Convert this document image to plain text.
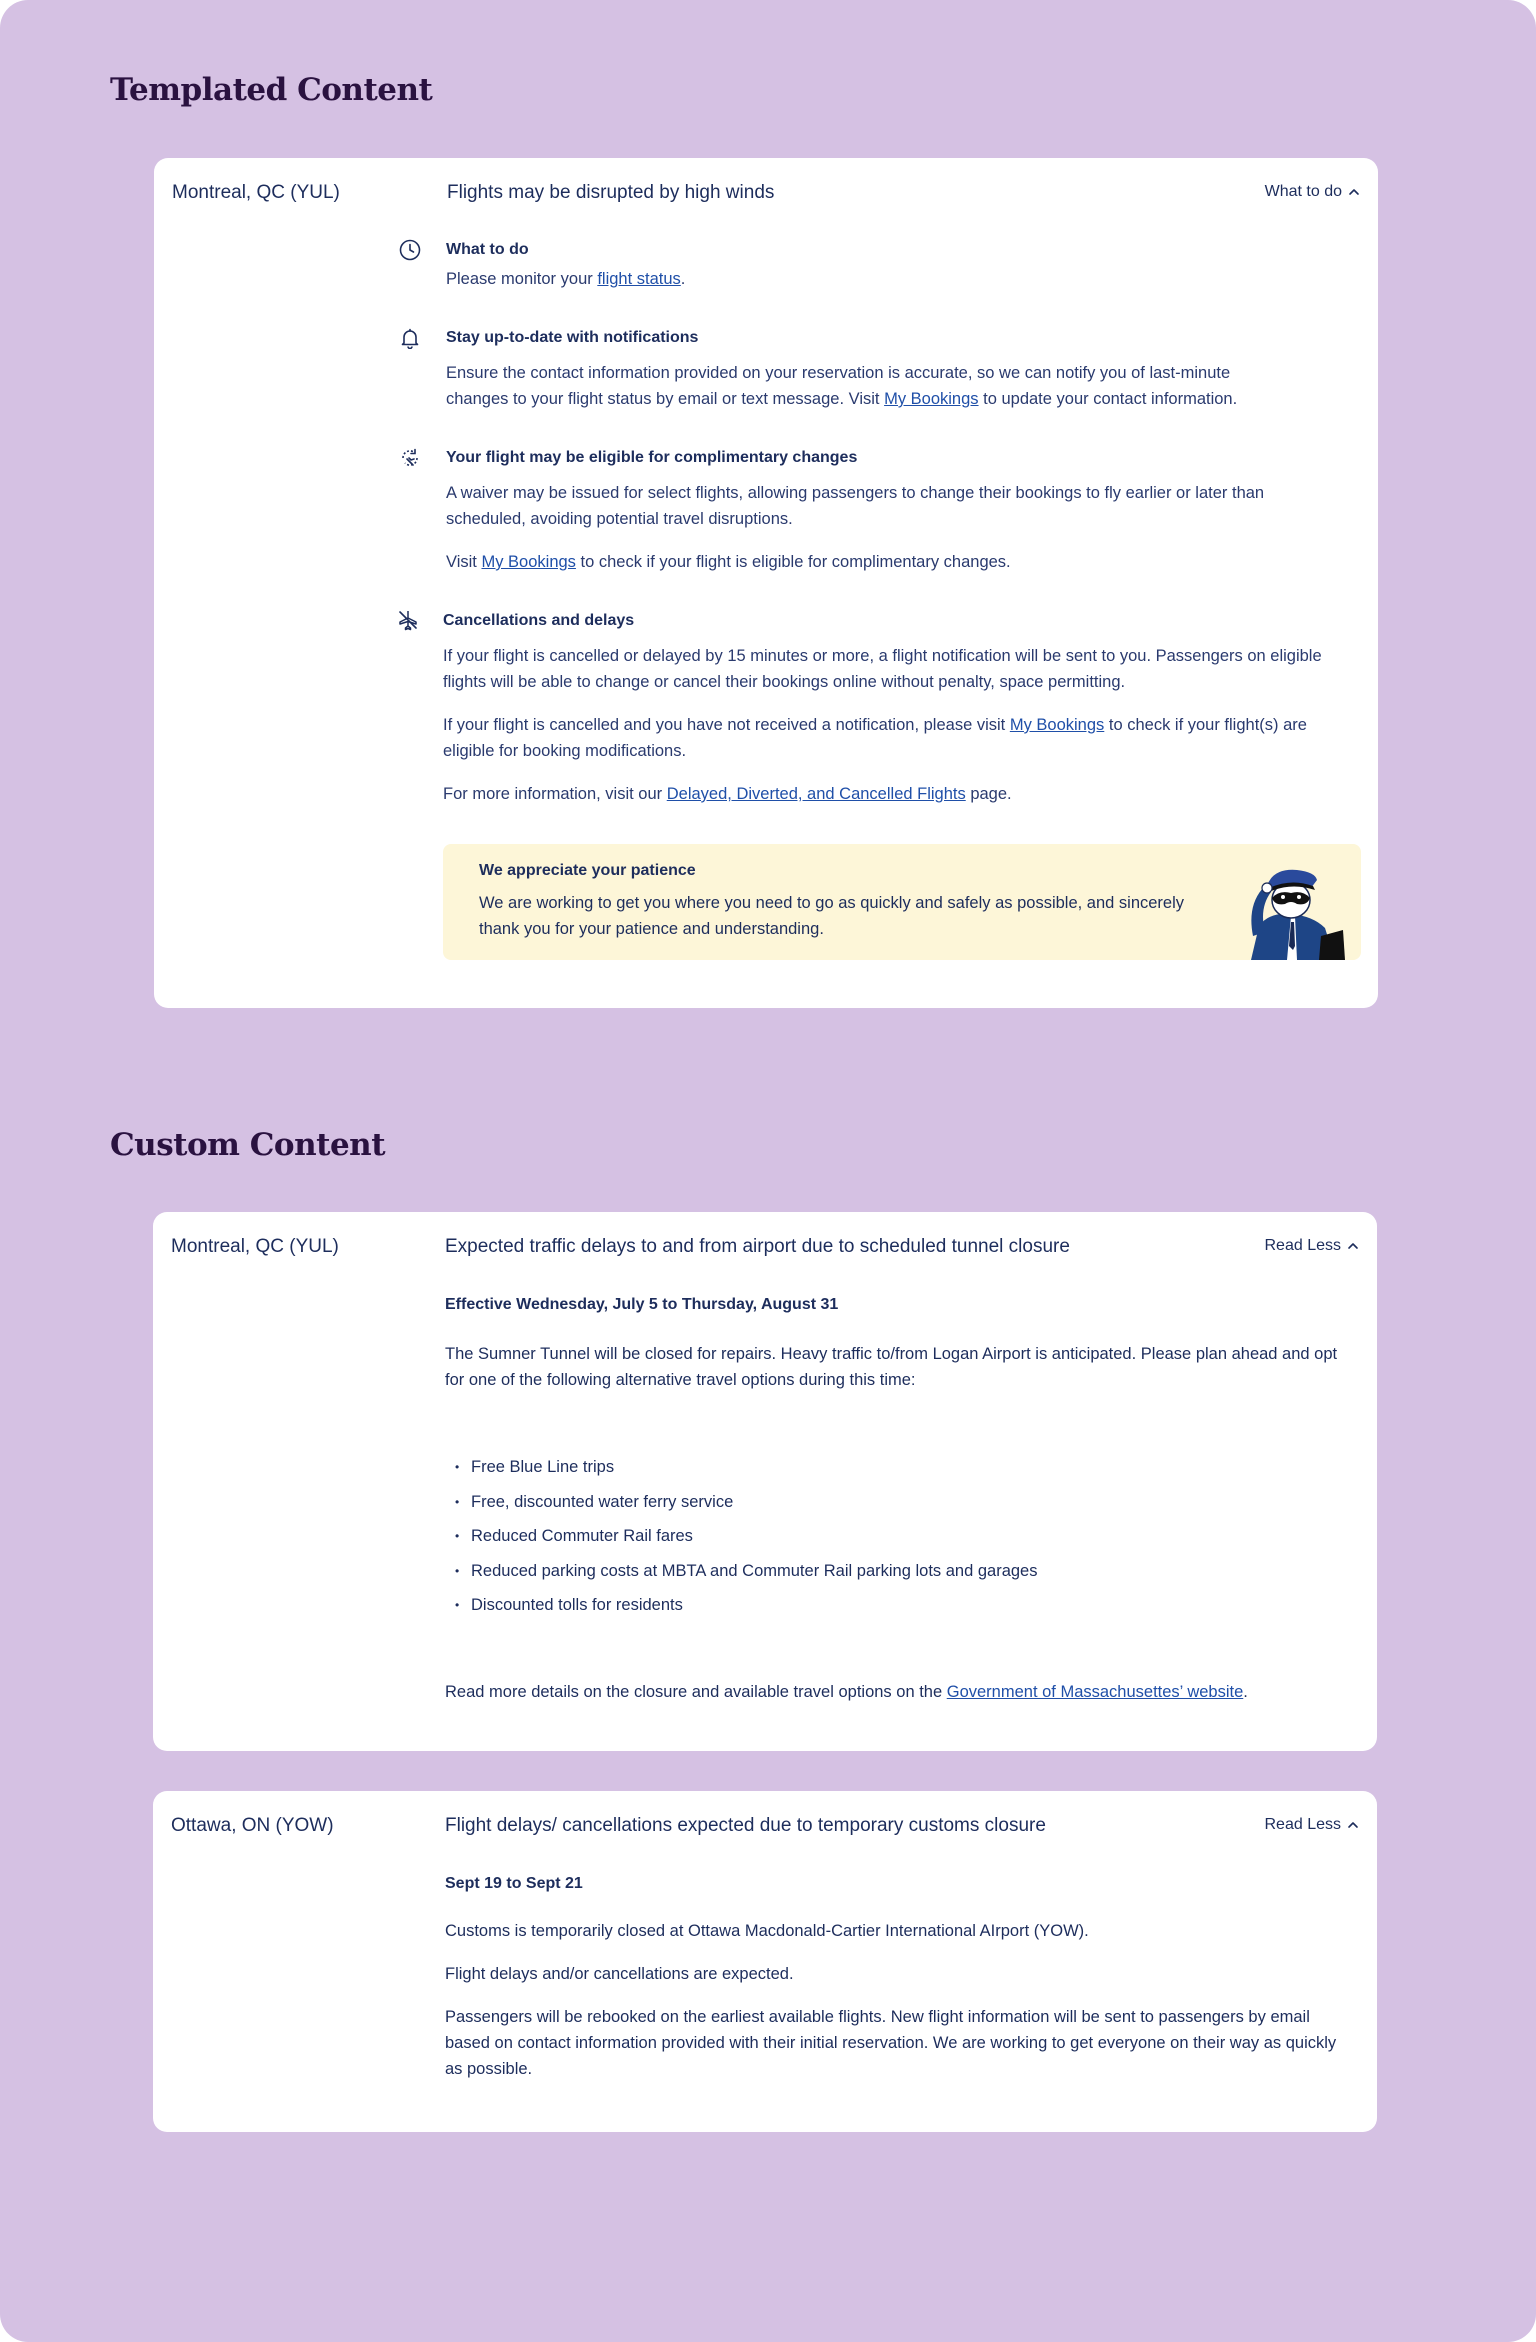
Templated Content
Montreal, QC (YUL)	Flights may be disrupted by high winds	What to do
What to do

Please monitor your flight status.

Stay up-to-date with notifications

Ensure the contact information provided on your reservation is accurate, so we can notify you of last-minute
changes to your flight status by email or text message. Visit My Bookings to update your contact information.

Your flight may be eligible for complimentary changes

A waiver may be issued for select flights, allowing passengers to change their bookings to fly earlier or later than scheduled, avoiding potential travel disruptions.

Visit My Bookings to check if your flight is eligible for complimentary changes.

Cancellations and delays

If your flight is cancelled or delayed by 15 minutes or more, a flight notification will be sent to you. Passengers on eligible flights will be able to change or cancel their bookings online without penalty, space permitting.

If your flight is cancelled and you have not received a notification, please visit My Bookings to check if your flight(s) are eligible for booking modifications.

For more information, visit our Delayed, Diverted, and Cancelled Flights page.

We appreciate your patience

We are working to get you where you need to go as quickly and safely as possible, and sincerely thank you for your patience and understanding.

Custom Content
Montreal, QC (YUL)	Expected traffic delays to and from airport due to scheduled tunnel closure	Read Less
Effective Wednesday, July 5 to Thursday, August 31

The Sumner Tunnel will be closed for repairs. Heavy traffic to/from Logan Airport is anticipated. Please plan ahead and opt for one of the following alternative travel options during this time:

• Free Blue Line trips
• Free, discounted water ferry service
• Reduced Commuter Rail fares
• Reduced parking costs at MBTA and Commuter Rail parking lots and garages
• Discounted tolls for residents

Read more details on the closure and available travel options on the Government of Massachusettes’ website.

Ottawa, ON (YOW)	Flight delays/ cancellations expected due to temporary customs closure	Read Less
Sept 19 to Sept 21

Customs is temporarily closed at Ottawa Macdonald-Cartier International AIrport (YOW).

Flight delays and/or cancellations are expected.

Passengers will be rebooked on the earliest available flights. New flight information will be sent to passengers by email based on contact information provided with their initial reservation. We are working to get everyone on their way as quickly as possible.
